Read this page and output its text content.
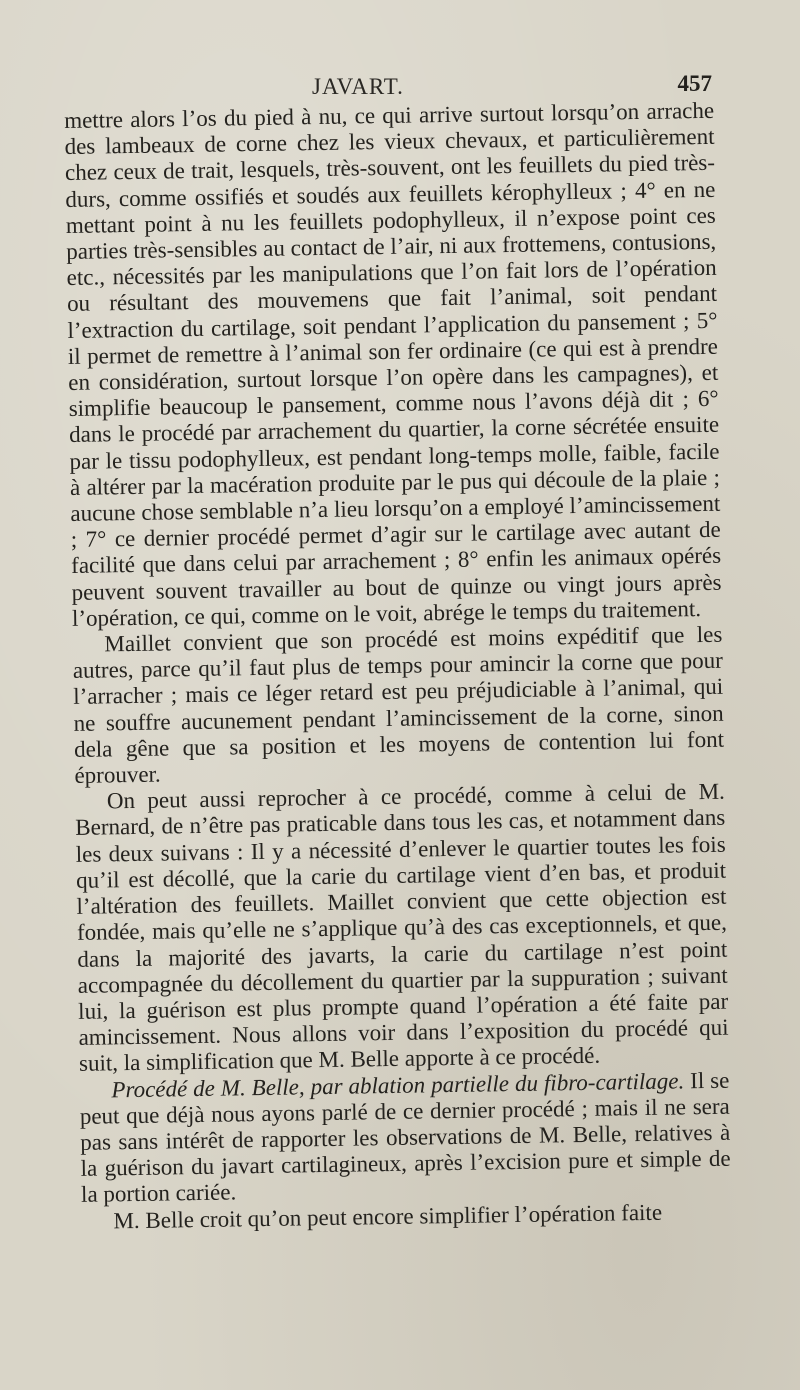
JAVART.	457

mettre alors l’os du pied à nu, ce qui arrive surtout lorsqu’on arrache des lambeaux de corne chez les vieux chevaux, et particulièrement chez ceux de trait, lesquels, très-souvent, ont les feuillets du pied très-durs, comme ossifiés et soudés aux feuillets kérophylleux ; 4° en ne mettant point à nu les feuillets podophylleux, il n’expose point ces parties très-sensibles au contact de l’air, ni aux frottemens, contusions, etc., nécessités par les manipulations que l’on fait lors de l’opération ou résultant des mouvemens que fait l’animal, soit pendant l’extraction du cartilage, soit pendant l’application du pansement ; 5° il permet de remettre à l’animal son fer ordinaire (ce qui est à prendre en considération, surtout lorsque l’on opère dans les campagnes), et simplifie beaucoup le pansement, comme nous l’avons déjà dit ; 6° dans le procédé par arrachement du quartier, la corne sécrétée ensuite par le tissu podophylleux, est pendant long-temps molle, faible, facile à altérer par la macération produite par le pus qui découle de la plaie ; aucune chose semblable n’a lieu lorsqu’on a employé l’amincissement ; 7° ce dernier procédé permet d’agir sur le cartilage avec autant de facilité que dans celui par arrachement ; 8° enfin les animaux opérés peuvent souvent travailler au bout de quinze ou vingt jours après l’opération, ce qui, comme on le voit, abrége le temps du traitement.

Maillet convient que son procédé est moins expéditif que les autres, parce qu’il faut plus de temps pour amincir la corne que pour l’arracher ; mais ce léger retard est peu préjudiciable à l’animal, qui ne souffre aucunement pendant l’amincissement de la corne, sinon dela gêne que sa position et les moyens de contention lui font éprouver.

On peut aussi reprocher à ce procédé, comme à celui de M. Bernard, de n’être pas praticable dans tous les cas, et notamment dans les deux suivans : Il y a nécessité d’enlever le quartier toutes les fois qu’il est décollé, que la carie du cartilage vient d’en bas, et produit l’altération des feuillets. Maillet convient que cette objection est fondée, mais qu’elle ne s’applique qu’à des cas exceptionnels, et que, dans la majorité des javarts, la carie du cartilage n’est point accompagnée du décollement du quartier par la suppuration ; suivant lui, la guérison est plus prompte quand l’opération a été faite par amincissement. Nous allons voir dans l’exposition du procédé qui suit, la simplification que M. Belle apporte à ce procédé.

Procédé de M. Belle, par ablation partielle du fibro-cartilage. Il se peut que déjà nous ayons parlé de ce dernier procédé ; mais il ne sera pas sans intérêt de rapporter les observations de M. Belle, relatives à la guérison du javart cartilagineux, après l’excision pure et simple de la portion cariée.

M. Belle croit qu’on peut encore simplifier l’opération faite
